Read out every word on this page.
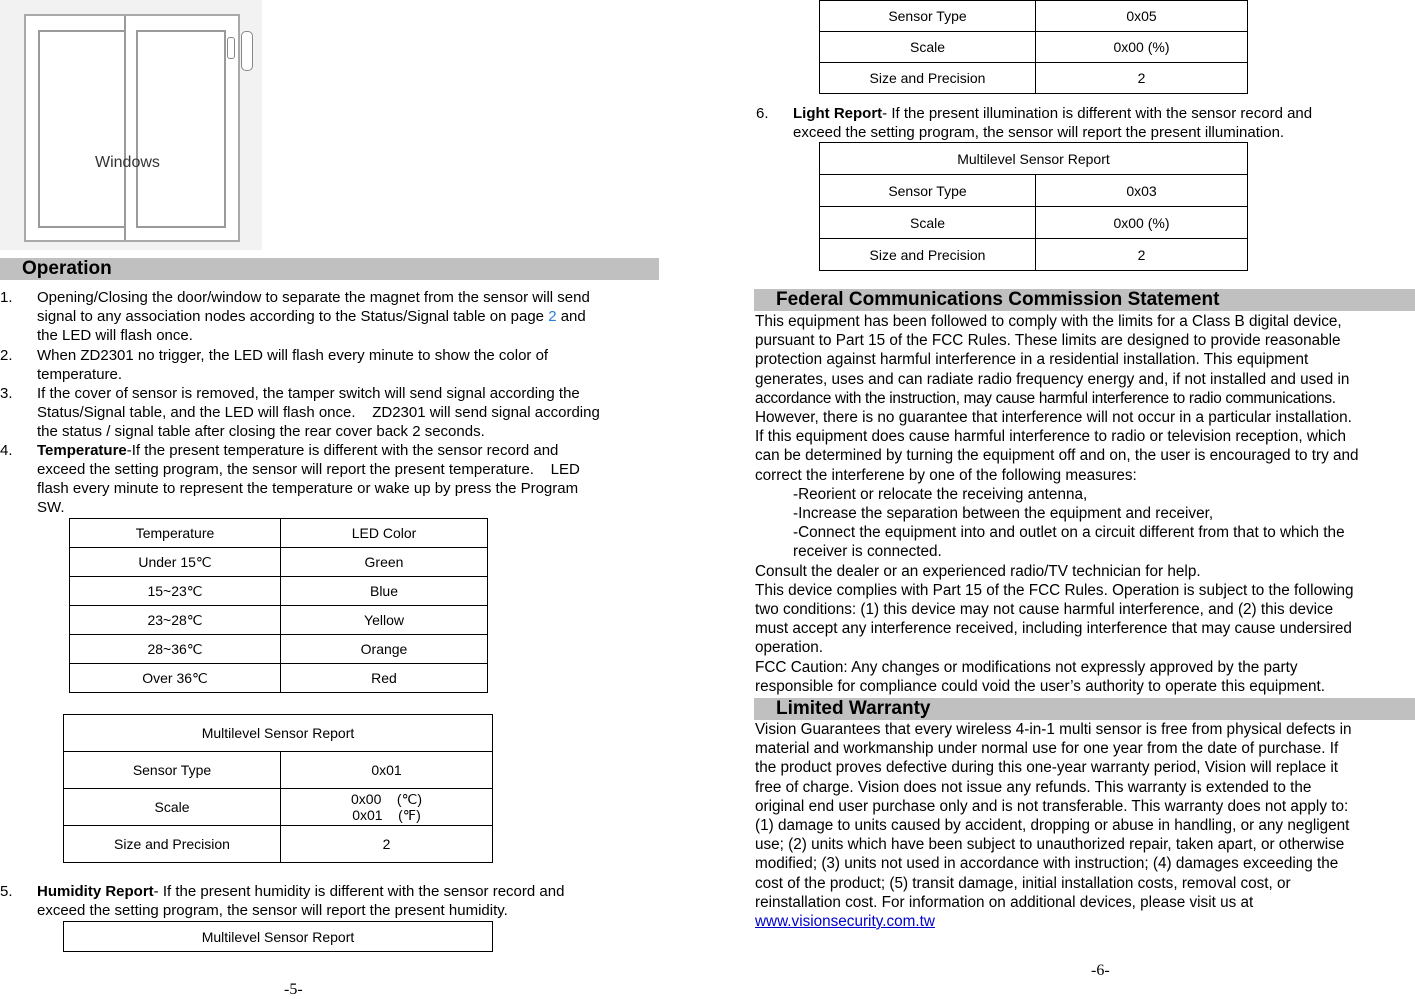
Windows
Operation
1. Opening/Closing the door/window to separate the magnet from the sensor will send
signal to any association nodes according to the Status/Signal table on page 2 and
the LED will flash once.
2. When ZD2301 no trigger, the LED will flash every minute to show the color of
temperature.
3. If the cover of sensor is removed, the tamper switch will send signal according the
Status/Signal table, and the LED will flash once.    ZD2301 will send signal according
the status / signal table after closing the rear cover back 2 seconds.
4. Temperature-If the present temperature is different with the sensor record and
exceed the setting program, the sensor will report the present temperature.    LED
flash every minute to represent the temperature or wake up by press the Program
SW.
Temperature	LED Color
Under 15℃	Green
15~23℃	Blue
23~28℃	Yellow
28~36℃	Orange
Over 36℃	Red
Multilevel Sensor Report	
Sensor Type	0x01
Scale	0x00    (℃)
0x01    (℉)

Size and Precision	2
5. Humidity Report- If the present humidity is different with the sensor record and
exceed the setting program, the sensor will report the present humidity.
Multilevel Sensor Report
-5-
Sensor Type	0x05
Scale	0x00 (%)
Size and Precision	2
6. Light Report- If the present illumination is different with the sensor record and
exceed the setting program, the sensor will report the present illumination.
Multilevel Sensor Report	
Sensor Type	0x03
Scale	0x00 (%)
Size and Precision	2
Federal Communications Commission Statement
This equipment has been followed to comply with the limits for a Class B digital device,
pursuant to Part 15 of the FCC Rules. These limits are designed to provide reasonable
protection against harmful interference in a residential installation. This equipment
generates, uses and can radiate radio frequency energy and, if not installed and used in
accordance with the instruction, may cause harmful interference to radio communications.
However, there is no guarantee that interference will not occur in a particular installation.
If this equipment does cause harmful interference to radio or television reception, which
can be determined by turning the equipment off and on, the user is encouraged to try and
correct the interferene by one of the following measures:
-Reorient or relocate the receiving antenna,
-Increase the separation between the equipment and receiver,
-Connect the equipment into and outlet on a circuit different from that to which the
receiver is connected.
Consult the dealer or an experienced radio/TV technician for help.
This device complies with Part 15 of the FCC Rules. Operation is subject to the following
two conditions: (1) this device may not cause harmful interference, and (2) this device
must accept any interference received, including interference that may cause undersired
operation.
FCC Caution: Any changes or modifications not expressly approved by the party
responsible for compliance could void the user’s authority to operate this equipment.
Limited Warranty
Vision Guarantees that every wireless 4-in-1 multi sensor is free from physical defects in
material and workmanship under normal use for one year from the date of purchase. If
the product proves defective during this one-year warranty period, Vision will replace it
free of charge. Vision does not issue any refunds. This warranty is extended to the
original end user purchase only and is not transferable. This warranty does not apply to:
(1) damage to units caused by accident, dropping or abuse in handling, or any negligent
use; (2) units which have been subject to unauthorized repair, taken apart, or otherwise
modified; (3) units not used in accordance with instruction; (4) damages exceeding the
cost of the product; (5) transit damage, initial installation costs, removal cost, or
reinstallation cost. For information on additional devices, please visit us at
www.visionsecurity.com.tw
-6-
